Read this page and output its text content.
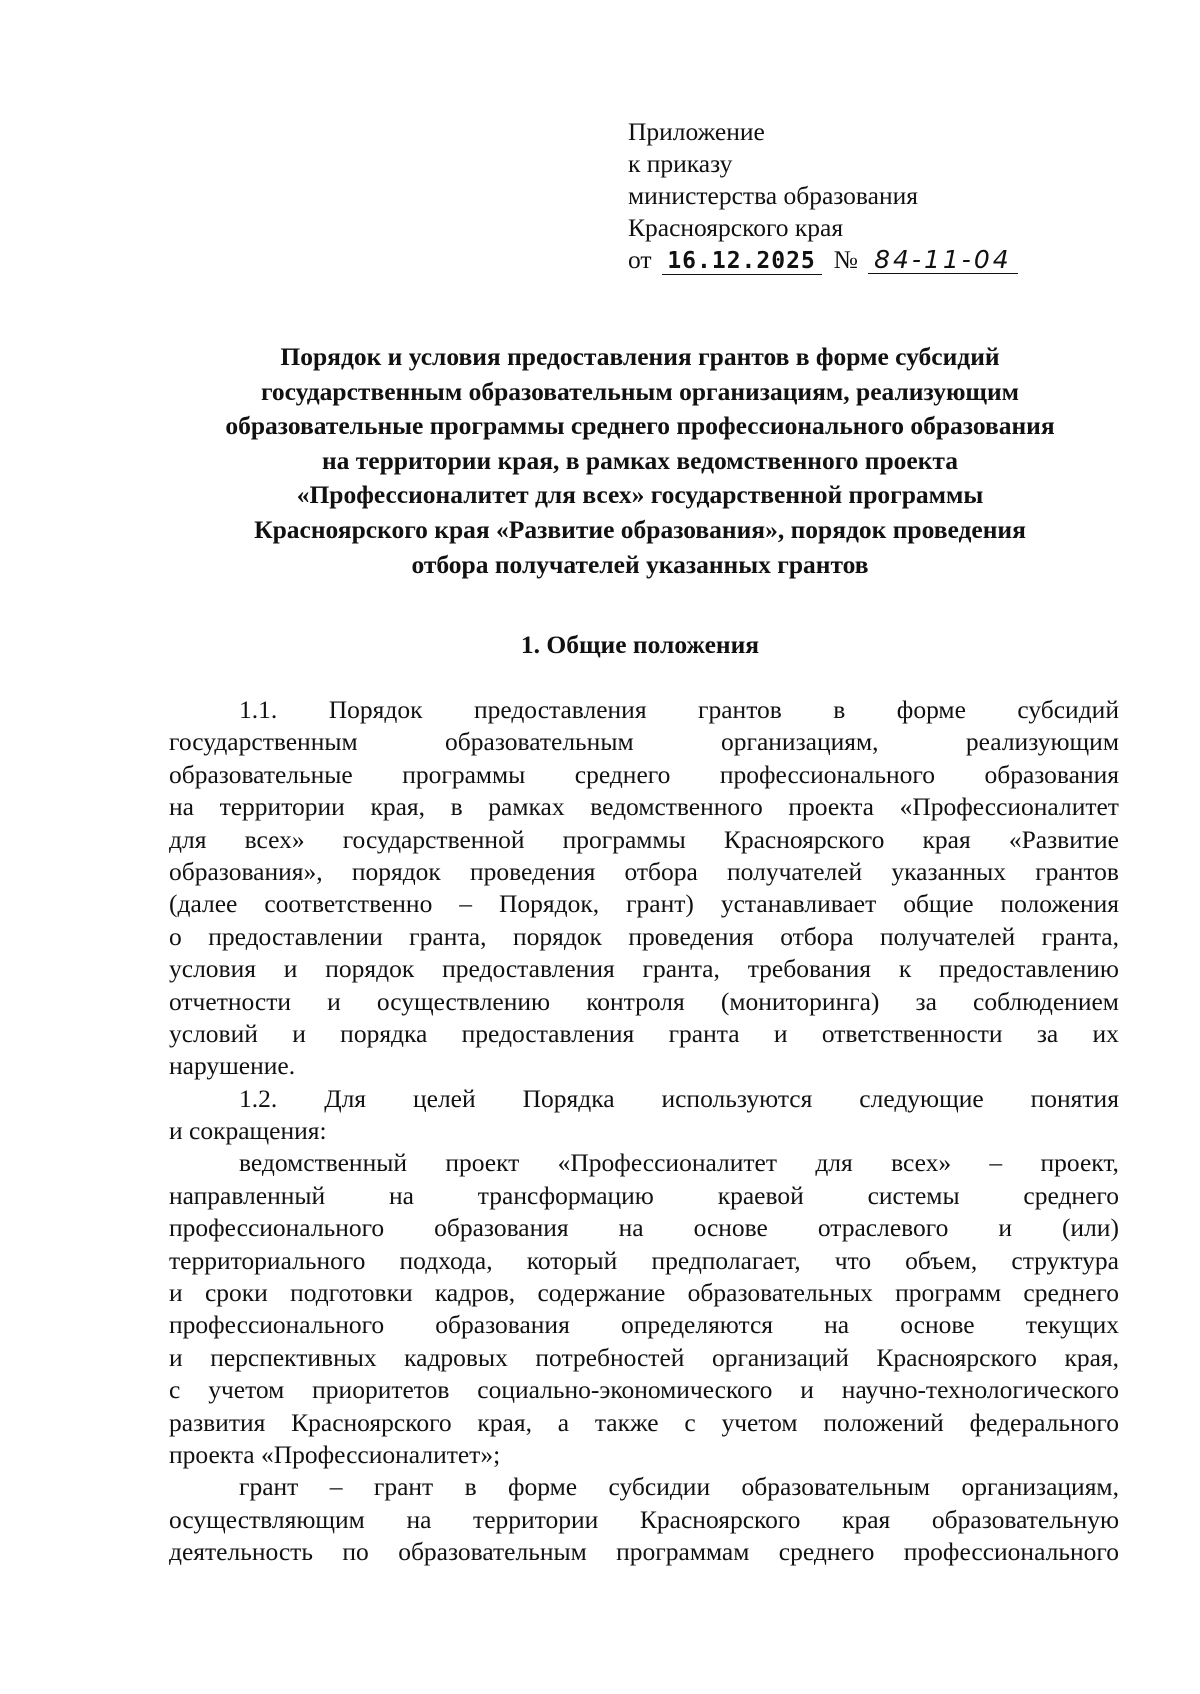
Приложение
к приказу
министерства образования
Красноярского края
от 16.12.2025 № 84-11-04
Порядок и условия предоставления грантов в форме субсидий
государственным образовательным организациям, реализующим
образовательные программы среднего профессионального образования
на территории края, в рамках ведомственного проекта
«Профессионалитет для всех» государственной программы
Красноярского края «Развитие образования», порядок проведения
отбора получателей указанных грантов
1. Общие положения
1.1. Порядок предоставления грантов в форме субсидий
государственным	образовательным	организациям,	реализующим
образовательные программы среднего профессионального образования
на территории края, в рамках ведомственного проекта «Профессионалитет
для всех» государственной программы Красноярского края «Развитие
образования», порядок проведения отбора получателей указанных грантов
(далее соответственно – Порядок, грант) устанавливает общие положения
о предоставлении гранта, порядок проведения отбора получателей гранта,
условия и порядок предоставления гранта, требования к предоставлению
отчетности и осуществлению контроля (мониторинга) за соблюдением
условий и порядка предоставления гранта и ответственности за их
нарушение.
1.2. Для целей Порядка используются следующие понятия
и сокращения:
ведомственный проект «Профессионалитет для всех» – проект,
направленный	на	трансформацию	краевой	системы	среднего
профессионального образования на основе отраслевого и (или)
территориального подхода, который предполагает, что объем, структура
и сроки подготовки кадров, содержание образовательных программ среднего
профессионального образования определяются на основе текущих
и перспективных кадровых потребностей организаций Красноярского края,
с учетом приоритетов социально-экономического и научно-технологического
развития Красноярского края, а также с учетом положений федерального
проекта «Профессионалитет»;
грант – грант в форме субсидии образовательным организациям,
осуществляющим на территории Красноярского края образовательную
деятельность по образовательным программам среднего профессионального
